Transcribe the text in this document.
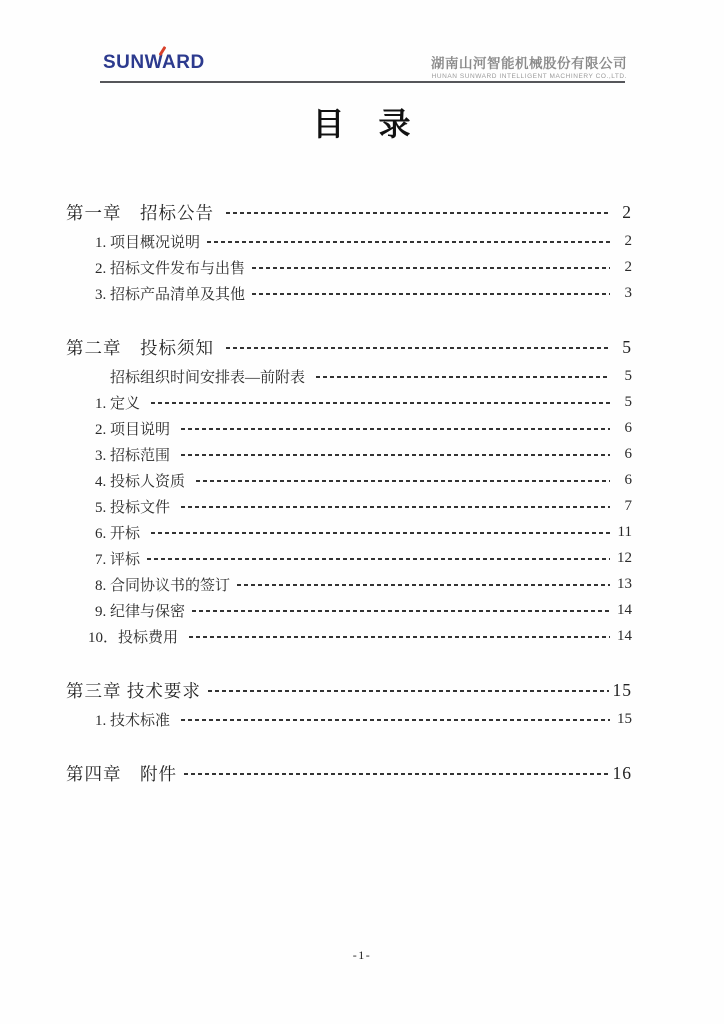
SUNWARD	湖南山河智能机械股份有限公司
HUNAN SUNWARD INTELLIGENT MACHINERY CO.,LTD.
目　录
第一章　招标公告	2
1. 项目概况说明	2
2. 招标文件发布与出售	2
3. 招标产品清单及其他	3
第二章　投标须知	5
招标组织时间安排表—前附表	5
1. 定义	5
2. 项目说明	6
3. 招标范围	6
4. 投标人资质	6
5. 投标文件	7
6. 开标	11
7. 评标	12
8. 合同协议书的签订	13
9. 纪律与保密	14
10．投标费用	14
第三章 技术要求	15
1. 技术标准	15
第四章　附件	16
-1-
